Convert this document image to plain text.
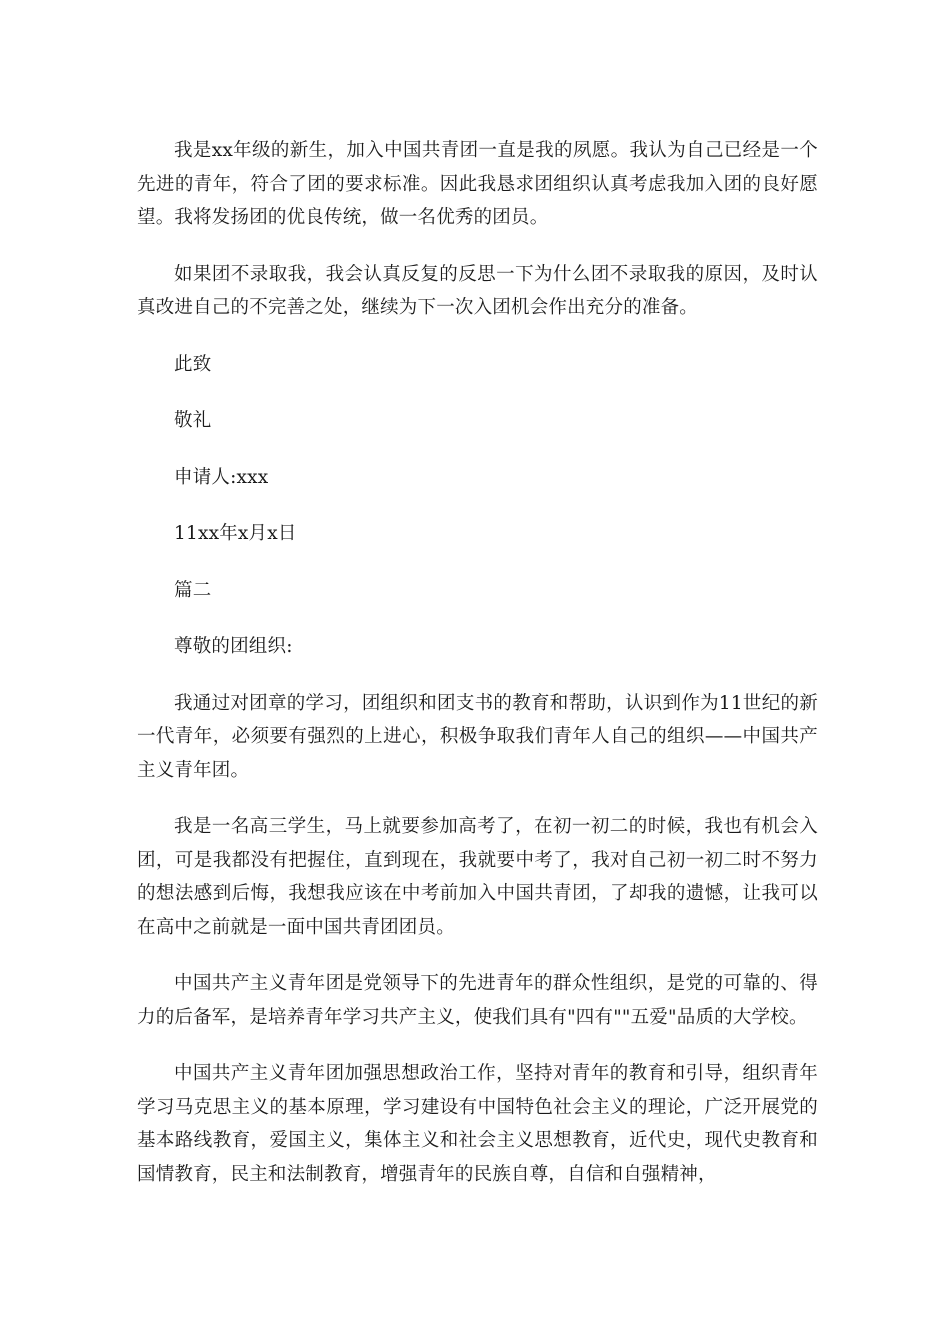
我是xx年级的新生，加入中国共青团一直是我的夙愿。我认为自己已经是一个先进的青年，符合了团的要求标准。因此我恳求团组织认真考虑我加入团的良好愿望。我将发扬团的优良传统，做一名优秀的团员。

如果团不录取我，我会认真反复的反思一下为什么团不录取我的原因，及时认真改进自己的不完善之处，继续为下一次入团机会作出充分的准备。

此致
敬礼
申请人:xxx
11xx年x月x日
篇二
尊敬的团组织:

我通过对团章的学习，团组织和团支书的教育和帮助，认识到作为11世纪的新一代青年，必须要有强烈的上进心，积极争取我们青年人自己的组织——中国共产主义青年团。

我是一名高三学生，马上就要参加高考了，在初一初二的时候，我也有机会入团，可是我都没有把握住，直到现在，我就要中考了，我对自己初一初二时不努力的想法感到后悔，我想我应该在中考前加入中国共青团，了却我的遗憾，让我可以在高中之前就是一面中国共青团团员。

中国共产主义青年团是党领导下的先进青年的群众性组织，是党的可靠的、得力的后备军，是培养青年学习共产主义，使我们具有"四有""五爱"品质的大学校。

中国共产主义青年团加强思想政治工作，坚持对青年的教育和引导，组织青年学习马克思主义的基本原理，学习建设有中国特色社会主义的理论，广泛开展党的基本路线教育，爱国主义，集体主义和社会主义思想教育，近代史，现代史教育和国情教育，民主和法制教育，增强青年的民族自尊，自信和自强精神，
